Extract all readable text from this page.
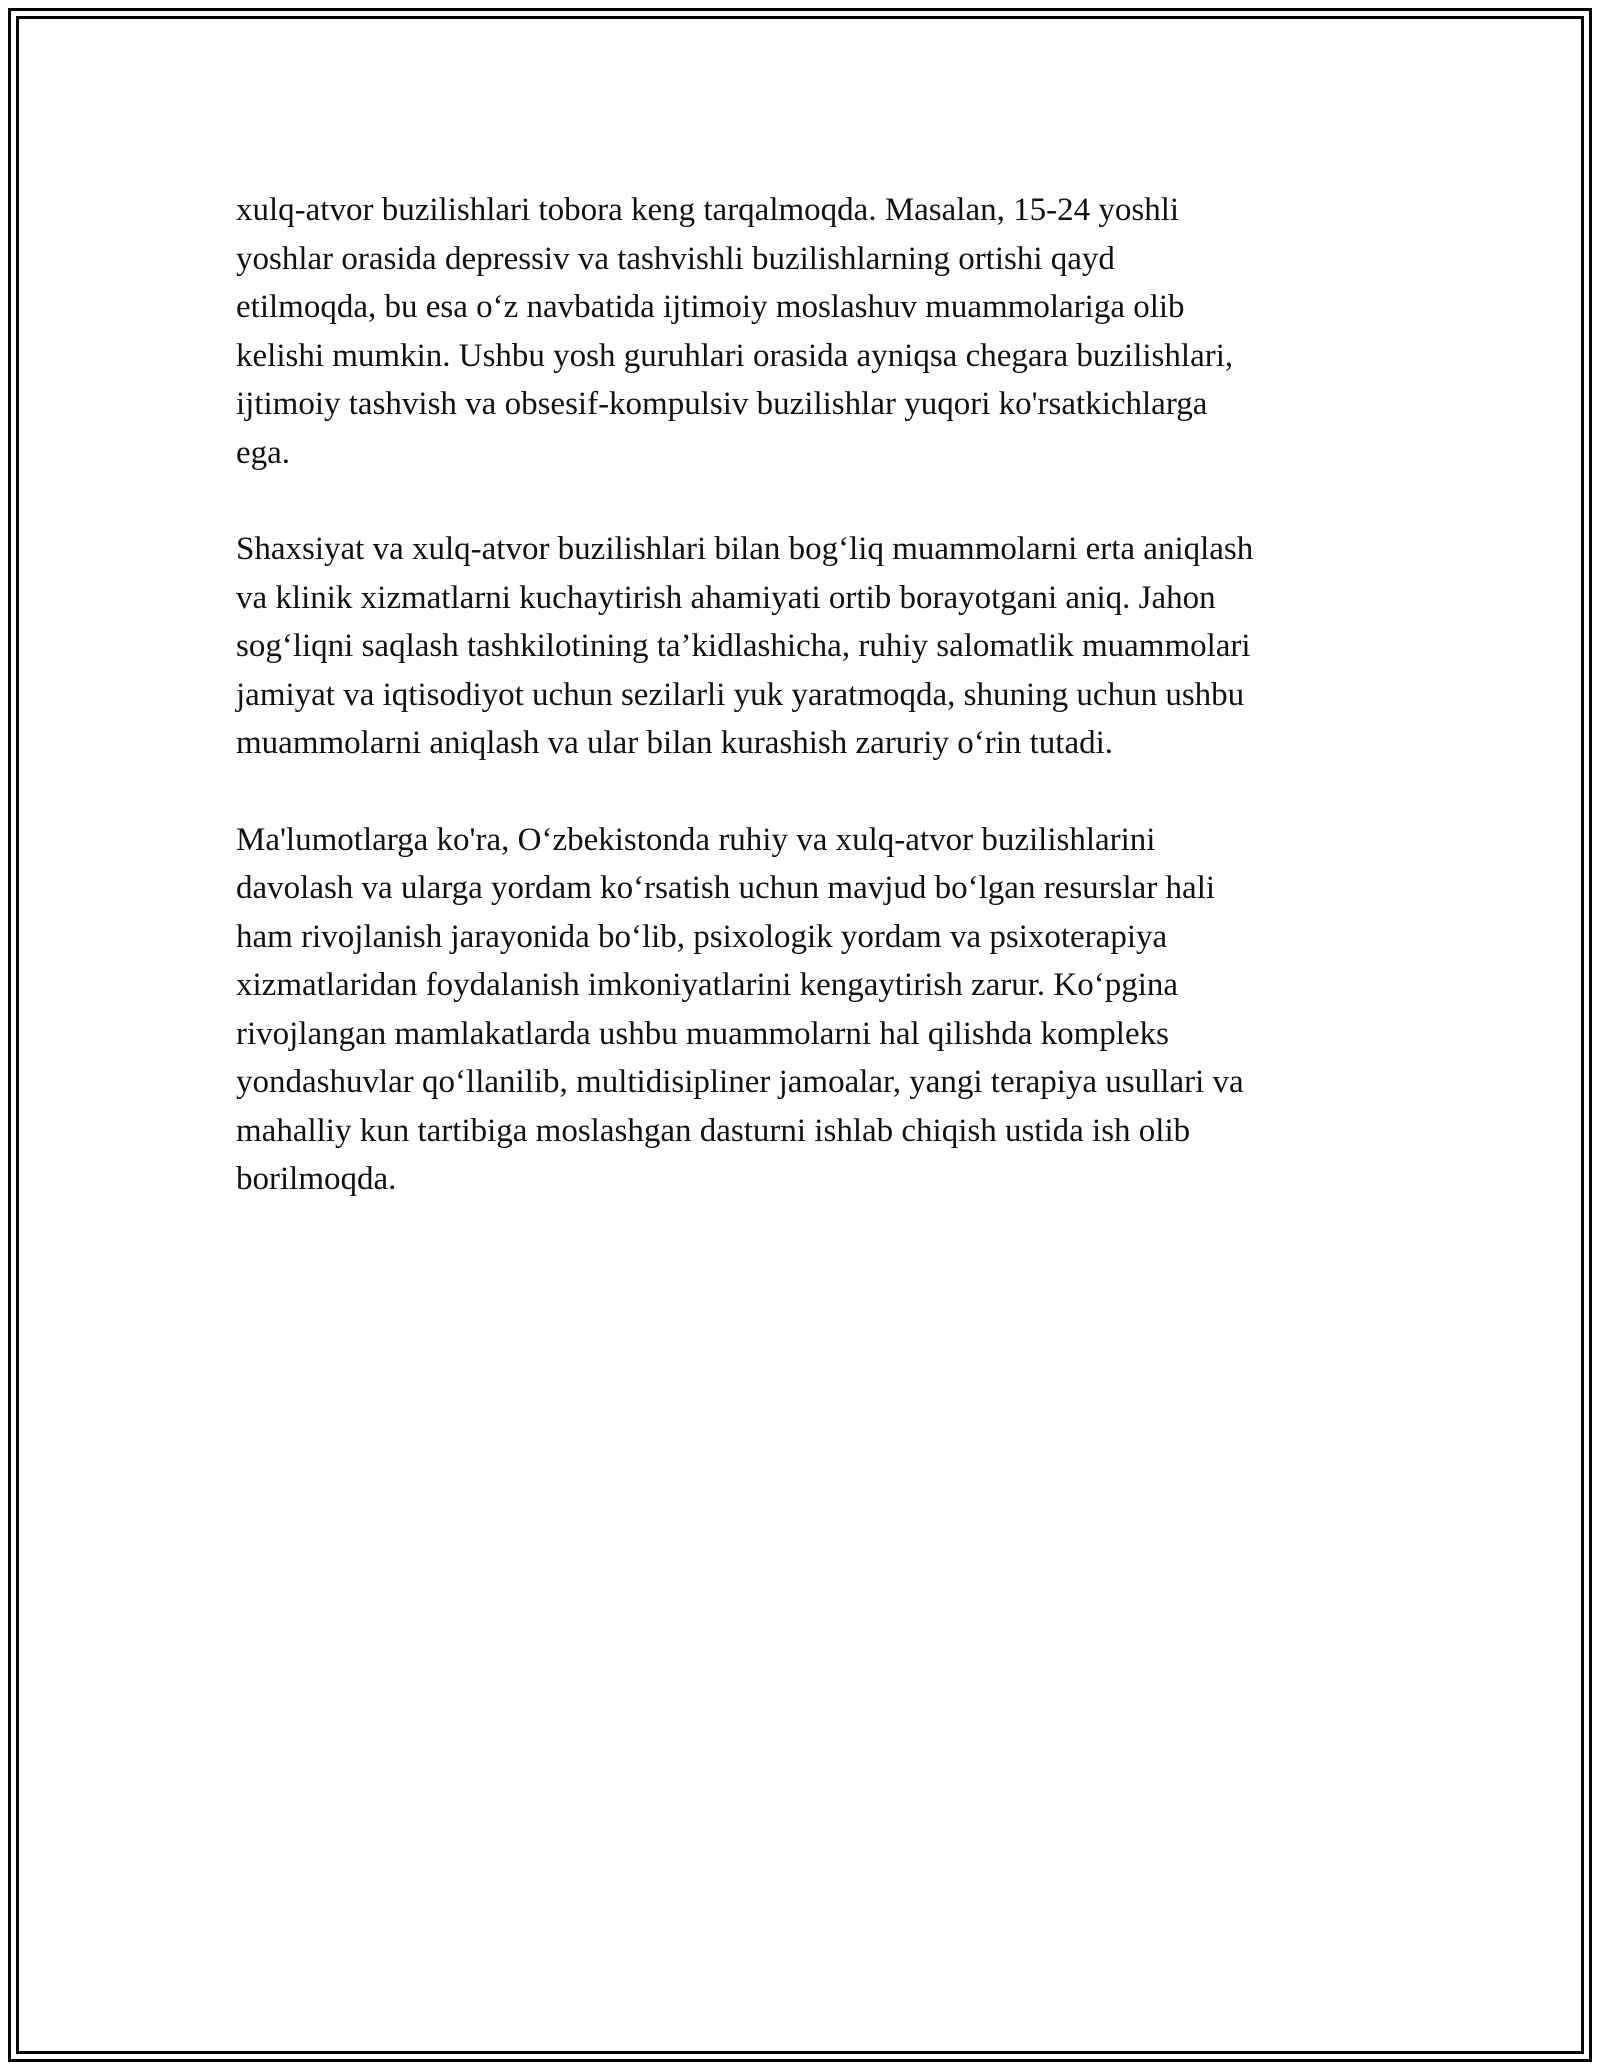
xulq-atvor buzilishlari tobora keng tarqalmoqda. Masalan, 15-24 yoshli
yoshlar orasida depressiv va tashvishli buzilishlarning ortishi qayd
etilmoqda, bu esa o‘z navbatida ijtimoiy moslashuv muammolariga olib
kelishi mumkin. Ushbu yosh guruhlari orasida ayniqsa chegara buzilishlari,
ijtimoiy tashvish va obsesif-kompulsiv buzilishlar yuqori ko'rsatkichlarga
ega.

Shaxsiyat va xulq-atvor buzilishlari bilan bog‘liq muammolarni erta aniqlash
va klinik xizmatlarni kuchaytirish ahamiyati ortib borayotgani aniq. Jahon
sog‘liqni saqlash tashkilotining ta’kidlashicha, ruhiy salomatlik muammolari
jamiyat va iqtisodiyot uchun sezilarli yuk yaratmoqda, shuning uchun ushbu
muammolarni aniqlash va ular bilan kurashish zaruriy o‘rin tutadi.

Ma'lumotlarga ko'ra, O‘zbekistonda ruhiy va xulq-atvor buzilishlarini
davolash va ularga yordam ko‘rsatish uchun mavjud bo‘lgan resurslar hali
ham rivojlanish jarayonida bo‘lib, psixologik yordam va psixoterapiya
xizmatlaridan foydalanish imkoniyatlarini kengaytirish zarur. Ko‘pgina
rivojlangan mamlakatlarda ushbu muammolarni hal qilishda kompleks
yondashuvlar qo‘llanilib, multidisipliner jamoalar, yangi terapiya usullari va
mahalliy kun tartibiga moslashgan dasturni ishlab chiqish ustida ish olib
borilmoqda.
